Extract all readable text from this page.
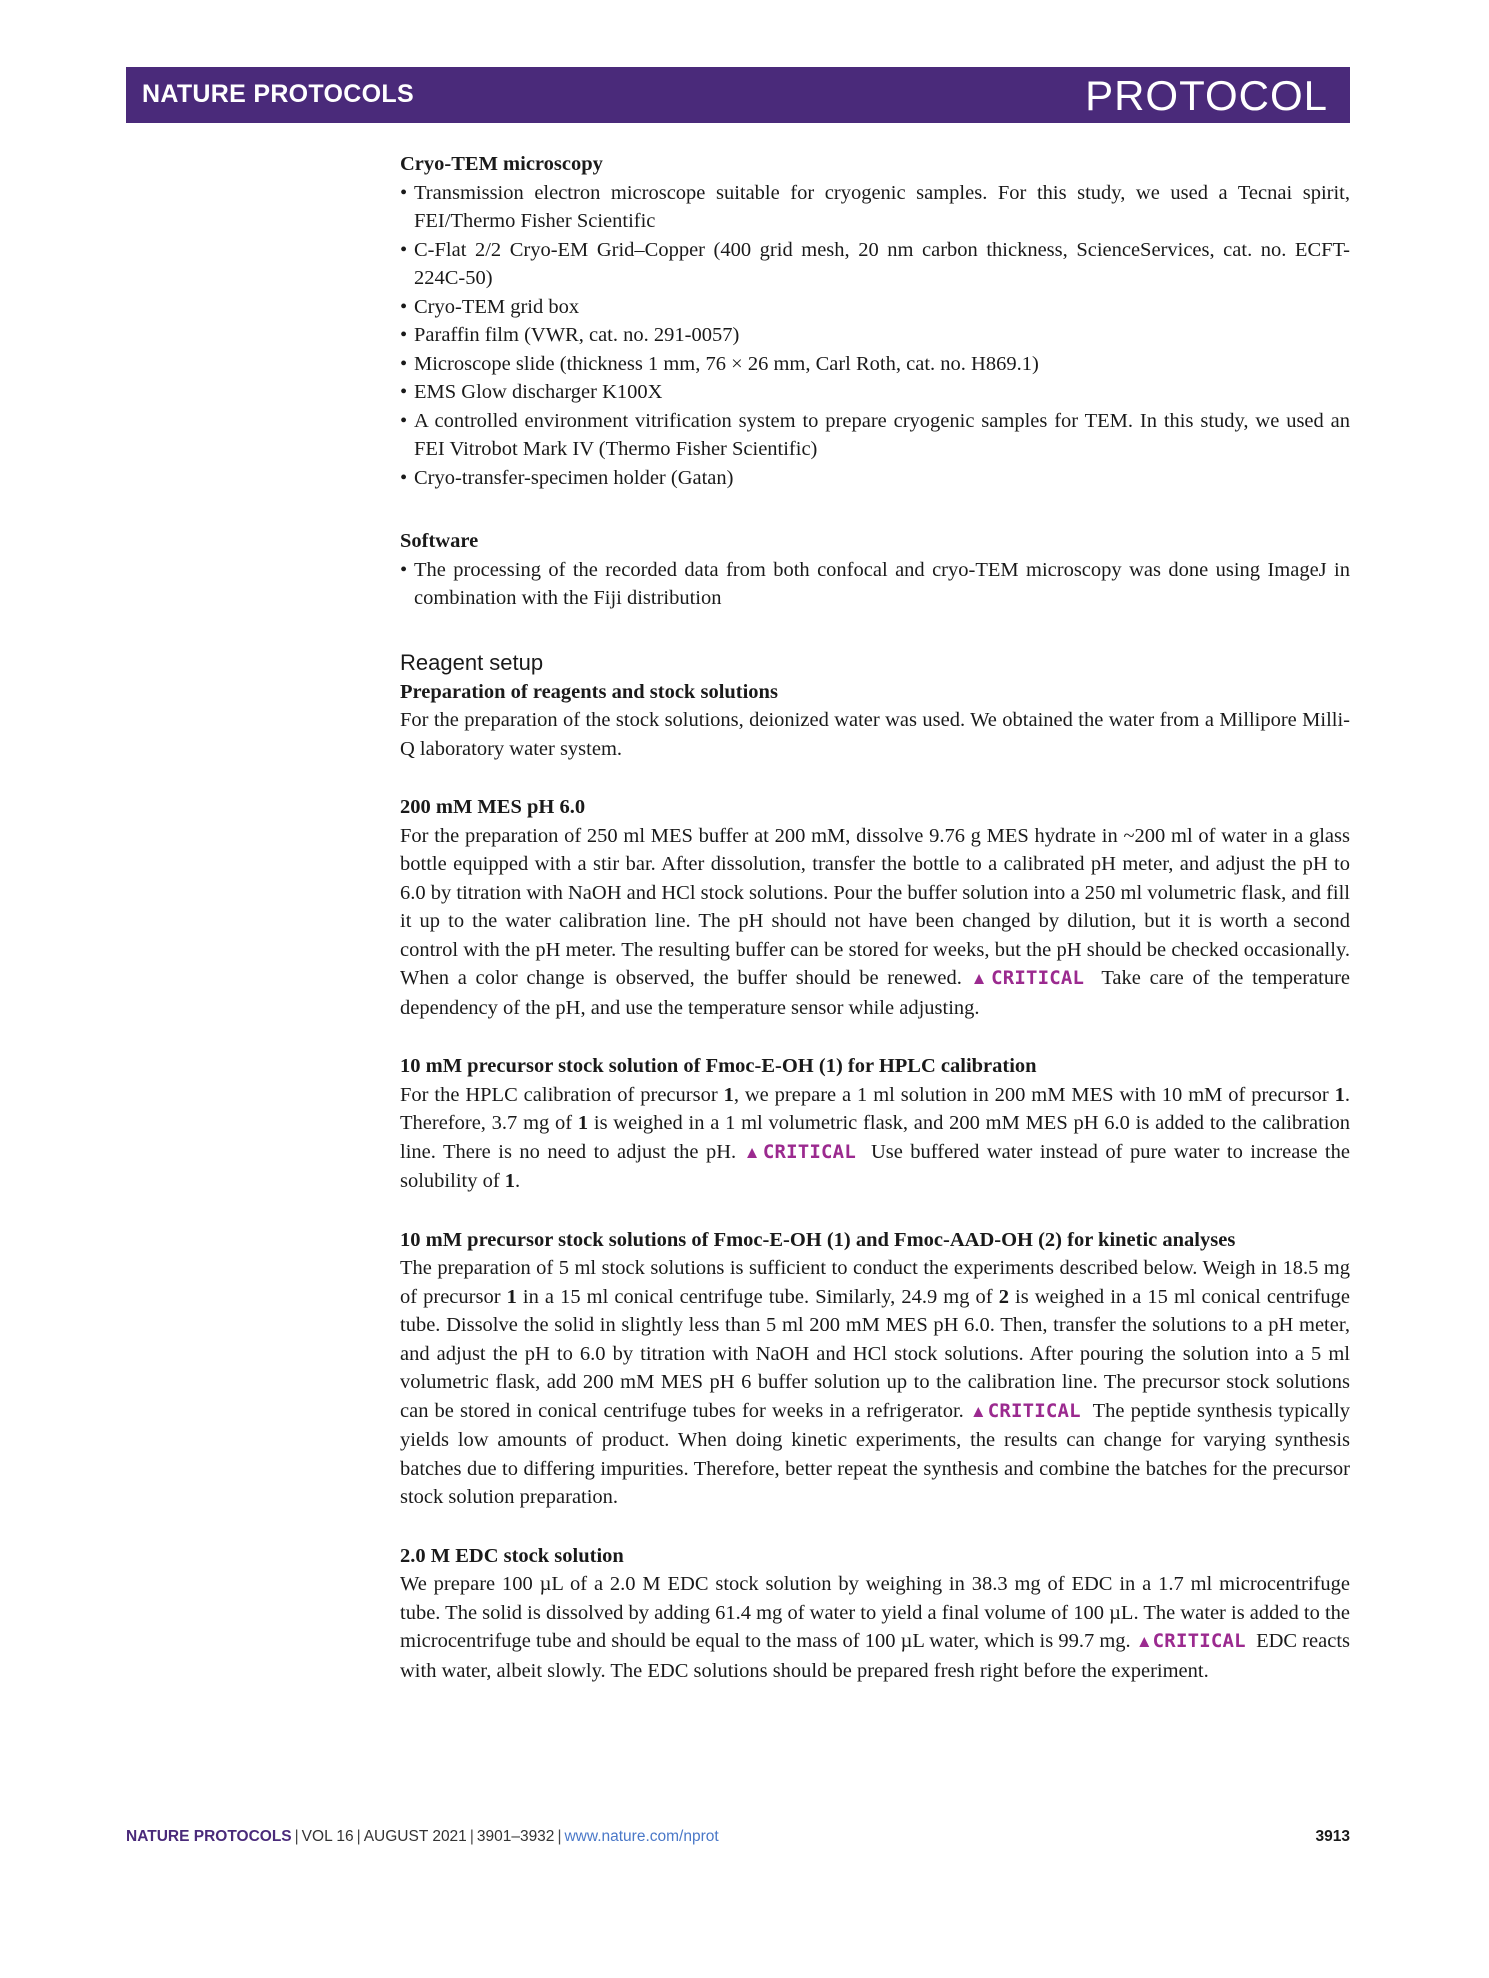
NATURE PROTOCOLS	PROTOCOL

Cryo-TEM microscopy

• Transmission electron microscope suitable for cryogenic samples. For this study, we used a Tecnai spirit, FEI/Thermo Fisher Scientific
• C-Flat 2/2 Cryo-EM Grid–Copper (400 grid mesh, 20 nm carbon thickness, ScienceServices, cat. no. ECFT-224C-50)
• Cryo-TEM grid box
• Paraffin film (VWR, cat. no. 291-0057)
• Microscope slide (thickness 1 mm, 76 × 26 mm, Carl Roth, cat. no. H869.1)
• EMS Glow discharger K100X
• A controlled environment vitrification system to prepare cryogenic samples for TEM. In this study, we used an FEI Vitrobot Mark IV (Thermo Fisher Scientific)
• Cryo-transfer-specimen holder (Gatan)

Software

• The processing of the recorded data from both confocal and cryo-TEM microscopy was done using ImageJ in combination with the Fiji distribution

Reagent setup

Preparation of reagents and stock solutions

For the preparation of the stock solutions, deionized water was used. We obtained the water from a Millipore Milli-Q laboratory water system.

200 mM MES pH 6.0

For the preparation of 250 ml MES buffer at 200 mM, dissolve 9.76 g MES hydrate in ~200 ml of water in a glass bottle equipped with a stir bar. After dissolution, transfer the bottle to a calibrated pH meter, and adjust the pH to 6.0 by titration with NaOH and HCl stock solutions. Pour the buffer solution into a 250 ml volumetric flask, and fill it up to the water calibration line. The pH should not have been changed by dilution, but it is worth a second control with the pH meter. The resulting buffer can be stored for weeks, but the pH should be checked occasionally. When a color change is observed, the buffer should be renewed. ▲CRITICAL Take care of the temperature dependency of the pH, and use the temperature sensor while adjusting.

10 mM precursor stock solution of Fmoc-E-OH (1) for HPLC calibration

For the HPLC calibration of precursor 1, we prepare a 1 ml solution in 200 mM MES with 10 mM of precursor 1. Therefore, 3.7 mg of 1 is weighed in a 1 ml volumetric flask, and 200 mM MES pH 6.0 is added to the calibration line. There is no need to adjust the pH. ▲CRITICAL Use buffered water instead of pure water to increase the solubility of 1.

10 mM precursor stock solutions of Fmoc-E-OH (1) and Fmoc-AAD-OH (2) for kinetic analyses

The preparation of 5 ml stock solutions is sufficient to conduct the experiments described below. Weigh in 18.5 mg of precursor 1 in a 15 ml conical centrifuge tube. Similarly, 24.9 mg of 2 is weighed in a 15 ml conical centrifuge tube. Dissolve the solid in slightly less than 5 ml 200 mM MES pH 6.0. Then, transfer the solutions to a pH meter, and adjust the pH to 6.0 by titration with NaOH and HCl stock solutions. After pouring the solution into a 5 ml volumetric flask, add 200 mM MES pH 6 buffer solution up to the calibration line. The precursor stock solutions can be stored in conical centrifuge tubes for weeks in a refrigerator. ▲CRITICAL The peptide synthesis typically yields low amounts of product. When doing kinetic experiments, the results can change for varying synthesis batches due to differing impurities. Therefore, better repeat the synthesis and combine the batches for the precursor stock solution preparation.

2.0 M EDC stock solution

We prepare 100 µL of a 2.0 M EDC stock solution by weighing in 38.3 mg of EDC in a 1.7 ml microcentrifuge tube. The solid is dissolved by adding 61.4 mg of water to yield a final volume of 100 µL. The water is added to the microcentrifuge tube and should be equal to the mass of 100 µL water, which is 99.7 mg. ▲CRITICAL EDC reacts with water, albeit slowly. The EDC solutions should be prepared fresh right before the experiment.

NATURE PROTOCOLS | VOL 16 | AUGUST 2021 | 3901–3932 | www.nature.com/nprot	3913
